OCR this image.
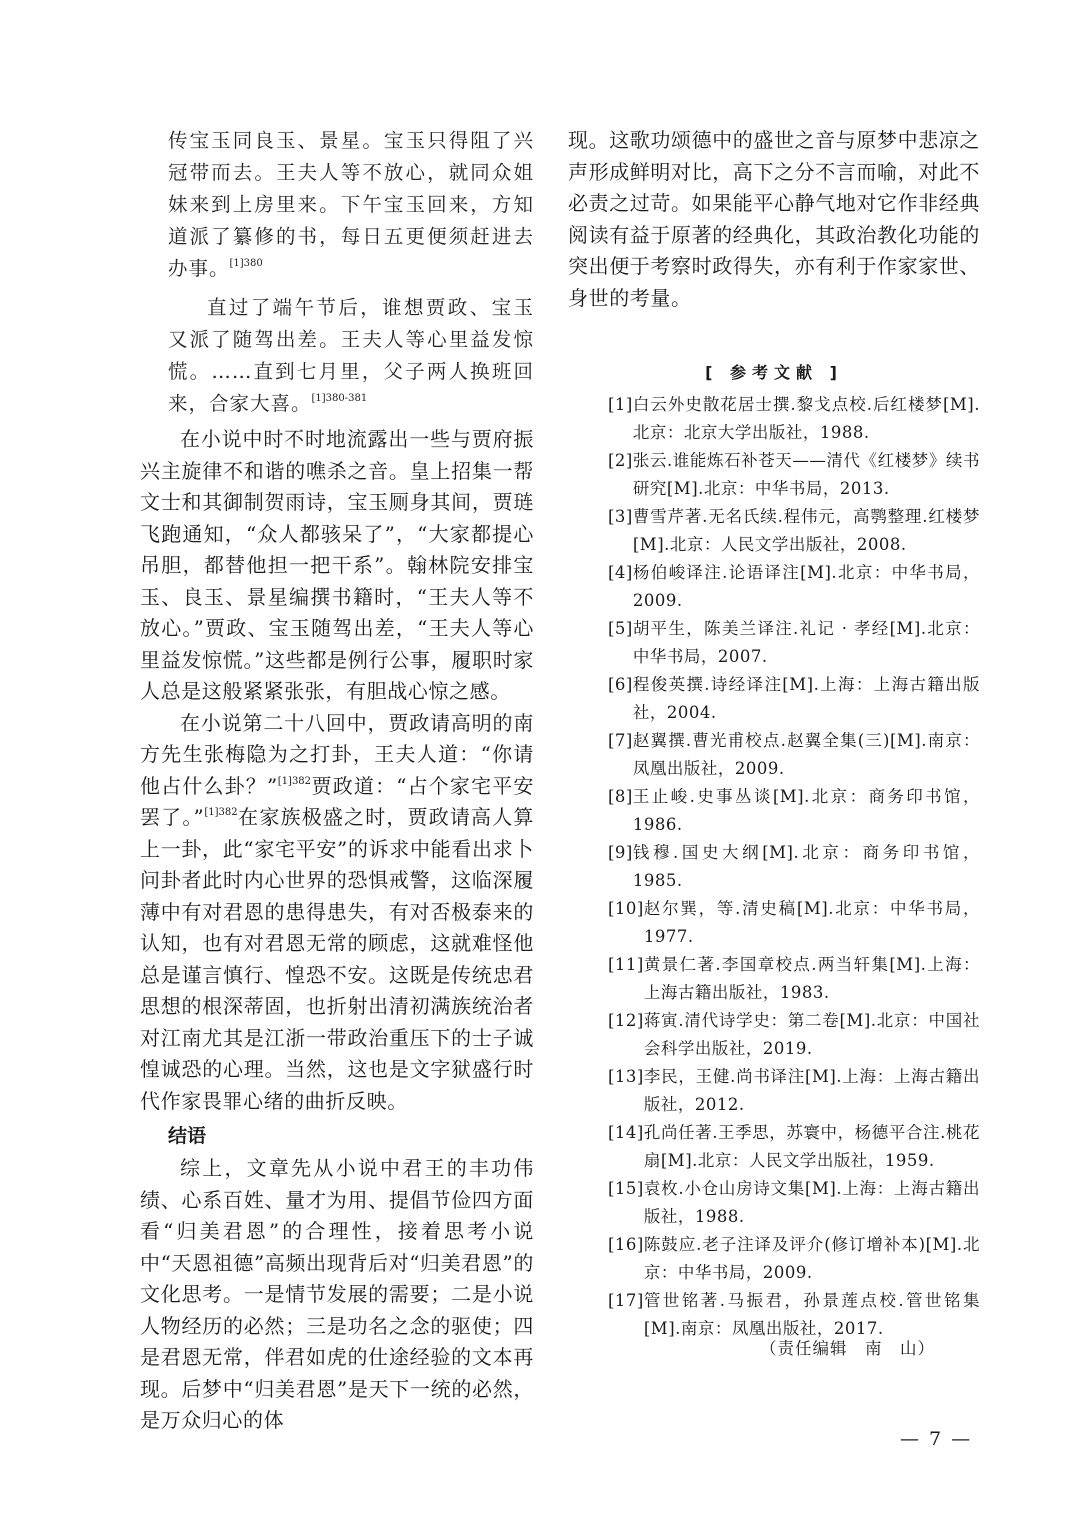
传宝玉同良玉、景星。宝玉只得阻了兴冠带而去。王夫人等不放心，就同众姐妹来到上房里来。下午宝玉回来，方知道派了纂修的书，每日五更便须赶进去办事。$^{[1]380}$

直过了端午节后，谁想贾政、宝玉又派了随驾出差。王夫人等心里益发惊慌。……直到七月里，父子两人换班回来，合家大喜。$^{[1]380-381}$

在小说中时不时地流露出一些与贾府振兴主旋律不和谐的噍杀之音。皇上招集一帮文士和其御制贺雨诗，宝玉厕身其间，贾琏飞跑通知，“众人都骇呆了”，“大家都提心吊胆，都替他担一把干系”。翰林院安排宝玉、良玉、景星编撰书籍时，“王夫人等不放心。”贾政、宝玉随驾出差，“王夫人等心里益发惊慌。”这些都是例行公事，履职时家人总是这般紧紧张张，有胆战心惊之感。

在小说第二十八回中，贾政请高明的南方先生张梅隐为之打卦，王夫人道：“你请他占什么卦？”$^{[1]382}$贾政道：“占个家宅平安罢了。”$^{[1]382}$在家族极盛之时，贾政请高人算上一卦，此“家宅平安”的诉求中能看出求卜问卦者此时内心世界的恐惧戒警，这临深履薄中有对君恩的患得患失，有对否极泰来的认知，也有对君恩无常的顾虑，这就难怪他总是谨言慎行、惶恐不安。这既是传统忠君思想的根深蒂固，也折射出清初满族统治者对江南尤其是江浙一带政治重压下的士子诚惶诚恐的心理。当然，这也是文字狱盛行时代作家畏罪心绪的曲折反映。

结语

综上，文章先从小说中君王的丰功伟绩、心系百姓、量才为用、提倡节俭四方面看“归美君恩”的合理性，接着思考小说中“天恩祖德”高频出现背后对“归美君恩”的文化思考。一是情节发展的需要；二是小说人物经历的必然；三是功名之念的驱使；四是君恩无常，伴君如虎的仕途经验的文本再现。后梦中“归美君恩”是天下一统的必然，是万众归心的体

现。这歌功颂德中的盛世之音与原梦中悲凉之声形成鲜明对比，高下之分不言而喻，对此不必责之过苛。如果能平心静气地对它作非经典阅读有益于原著的经典化，其政治教化功能的突出便于考察时政得失，亦有利于作家家世、身世的考量。

[ 参考文献 ]
[1] 白云外史散花居士撰.黎戈点校.后红楼梦[M].北京：北京大学出版社，1988.
[2] 张云.谁能炼石补苍天——清代《红楼梦》续书研究[M].北京：中华书局，2013.
[3] 曹雪芹著.无名氏续.程伟元，高鹗整理.红楼梦[M].北京：人民文学出版社，2008.
[4] 杨伯峻译注.论语译注[M].北京：中华书局，2009.
[5] 胡平生，陈美兰译注.礼记 · 孝经[M].北京：中华书局，2007.
[6] 程俊英撰.诗经译注[M].上海：上海古籍出版社，2004.
[7] 赵翼撰.曹光甫校点.赵翼全集(三)[M].南京：凤凰出版社，2009.
[8] 王止峻.史事丛谈[M].北京：商务印书馆，1986.
[9] 钱穆.国史大纲[M].北京：商务印书馆，1985.
[10] 赵尔巽，等.清史稿[M].北京：中华书局，1977.
[11] 黄景仁著.李国章校点.两当轩集[M].上海：上海古籍出版社，1983.
[12] 蒋寅.清代诗学史：第二卷[M].北京：中国社会科学出版社，2019.
[13] 李民，王健.尚书译注[M].上海：上海古籍出版社，2012.
[14] 孔尚任著.王季思，苏寰中，杨德平合注.桃花扇[M].北京：人民文学出版社，1959.
[15] 袁枚.小仓山房诗文集[M].上海：上海古籍出版社，1988.
[16] 陈鼓应.老子注译及评介(修订增补本)[M].北京：中华书局，2009.
[17] 管世铭著.马振君，孙景莲点校.管世铭集[M].南京：凤凰出版社，2017.
（责任编辑　南　山）
— 7 —
